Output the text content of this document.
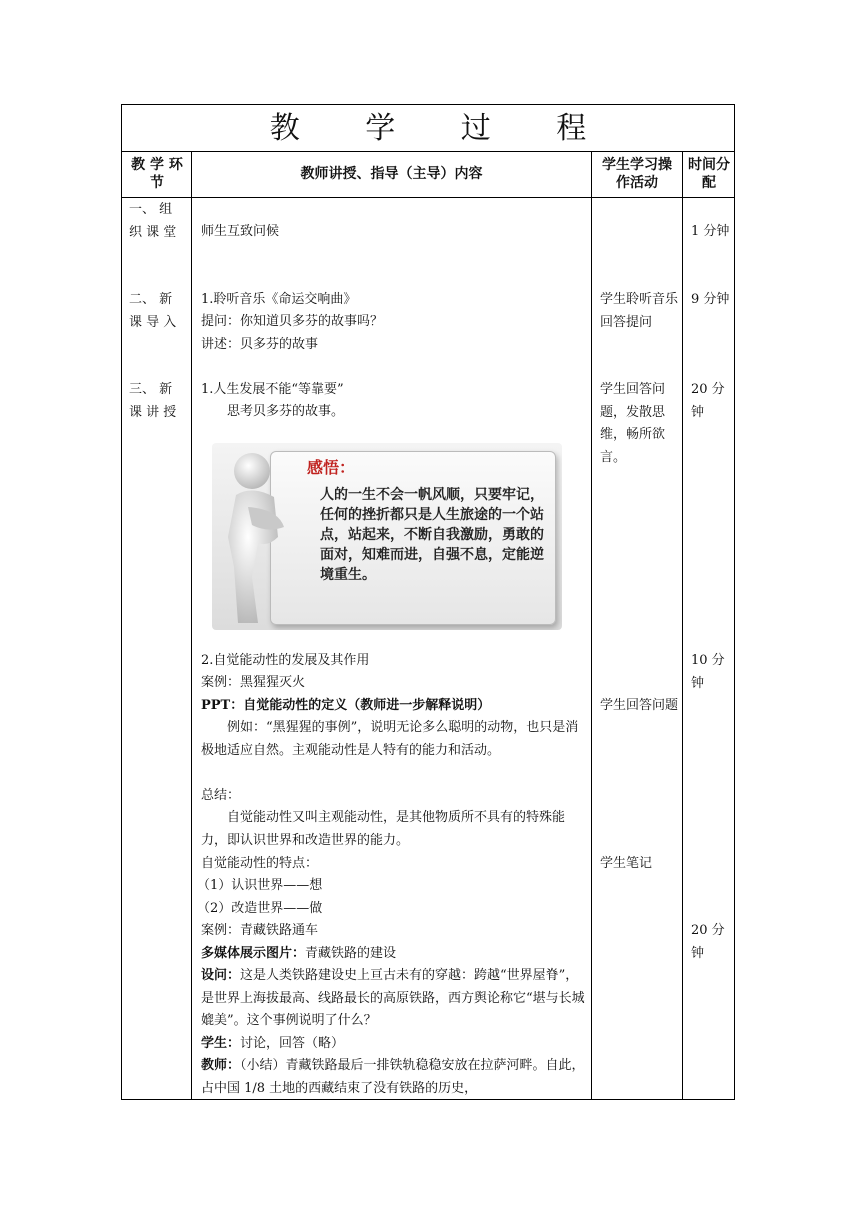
教 学 过 程
教 学 环 节
教师讲授、指导（主导）内容
学生学习操作活动
时间分配
一、 组 织 课 堂
二、 新 课 导 入
三、 新 课 讲 授
师生互致问候
1.聆听音乐《命运交响曲》
提问：你知道贝多芬的故事吗？
讲述：贝多芬的故事
1.人生发展不能“等靠要”
思考贝多芬的故事。
感悟：
人的一生不会一帆风顺，只要牢记，任何的挫折都只是人生旅途的一个站点，站起来，不断自我激励，勇敢的面对，知难而进，自强不息，定能逆境重生。
2.自觉能动性的发展及其作用
案例：黑猩猩灭火
PPT：自觉能动性的定义（教师进一步解释说明）
例如：“黑猩猩的事例”，说明无论多么聪明的动物，也只是消极地适应自然。主观能动性是人特有的能力和活动。
总结：
自觉能动性又叫主观能动性，是其他物质所不具有的特殊能力，即认识世界和改造世界的能力。
自觉能动性的特点：
（1）认识世界——想
（2）改造世界——做
案例：青藏铁路通车
多媒体展示图片：青藏铁路的建设
设问：这是人类铁路建设史上亘古未有的穿越：跨越“世界屋脊”，是世界上海拔最高、线路最长的高原铁路，西方舆论称它“堪与长城媲美”。这个事例说明了什么？
学生：讨论，回答（略）
教师：（小结）青藏铁路最后一排铁轨稳稳安放在拉萨河畔。自此，占中国 1/8 土地的西藏结束了没有铁路的历史，
学生聆听音乐 回答提问
学生回答问题，发散思维，畅所欲言。
学生回答问题
学生笔记
1 分钟
9 分钟
20 分钟
10 分钟
20 分钟
